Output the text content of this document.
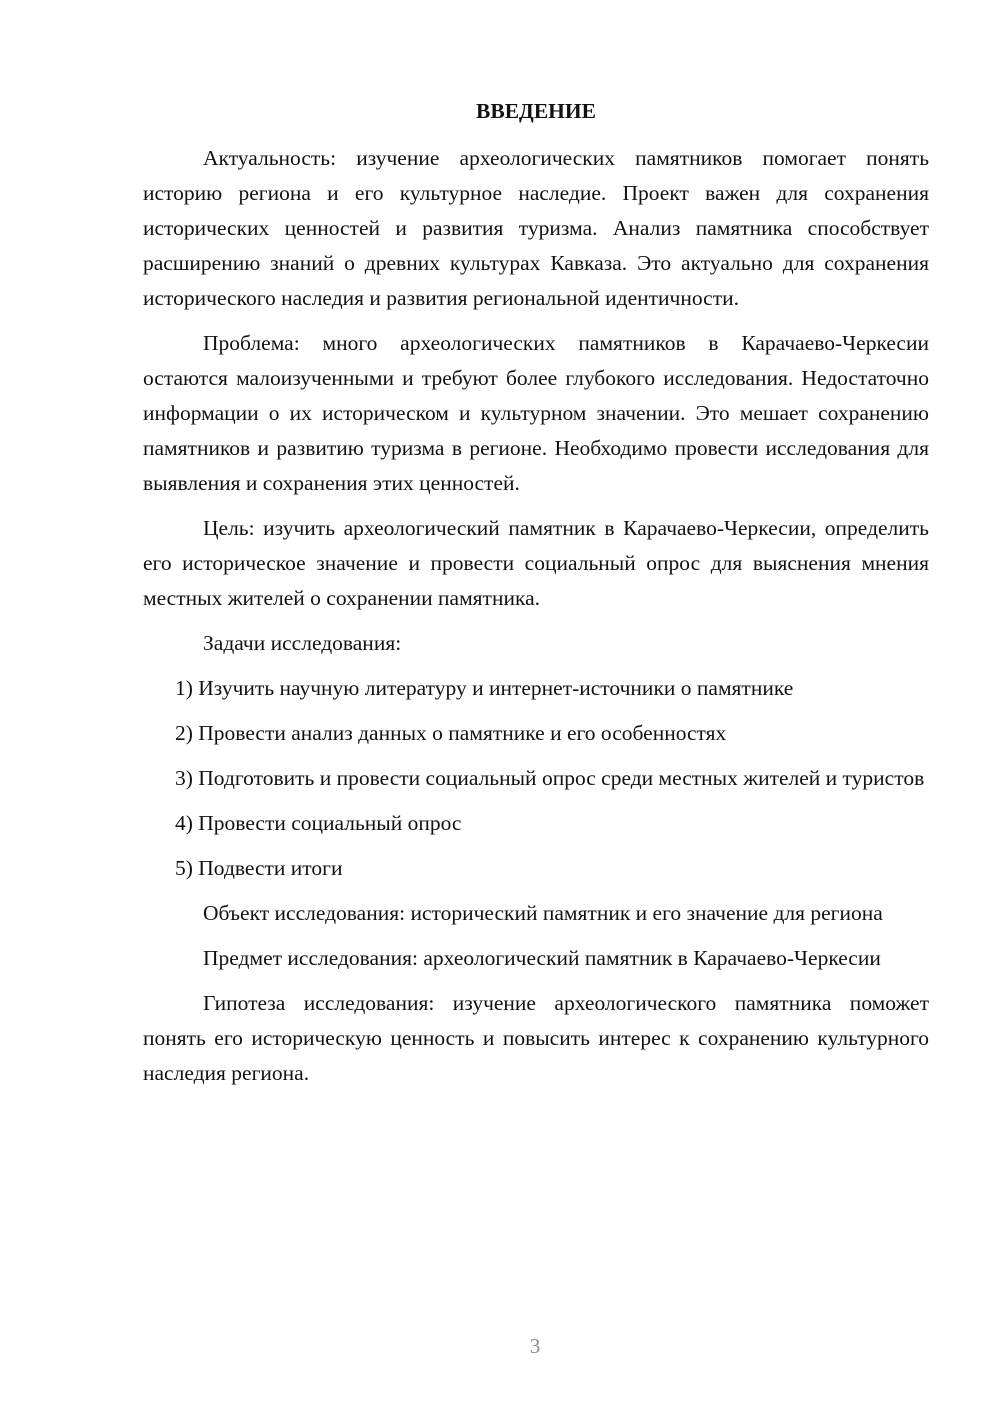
ВВЕДЕНИЕ

Актуальность: изучение археологических памятников помогает понять историю региона и его культурное наследие. Проект важен для сохранения исторических ценностей и развития туризма. Анализ памятника способствует расширению знаний о древних культурах Кавказа. Это актуально для сохранения исторического наследия и развития региональной идентичности.

Проблема: много археологических памятников в Карачаево-Черкесии остаются малоизученными и требуют более глубокого исследования. Недостаточно информации о их историческом и культурном значении. Это мешает сохранению памятников и развитию туризма в регионе. Необходимо провести исследования для выявления и сохранения этих ценностей.

Цель: изучить археологический памятник в Карачаево-Черкесии, определить его историческое значение и провести социальный опрос для выяснения мнения местных жителей о сохранении памятника.

Задачи исследования:

1) Изучить научную литературу и интернет-источники о памятнике

2) Провести анализ данных о памятнике и его особенностях

3) Подготовить и провести социальный опрос среди местных жителей и туристов

4) Провести социальный опрос

5) Подвести итоги

Объект исследования: исторический памятник и его значение для региона

Предмет исследования: археологический памятник в Карачаево-Черкесии

Гипотеза исследования: изучение археологического памятника поможет понять его историческую ценность и повысить интерес к сохранению культурного наследия региона.

3
